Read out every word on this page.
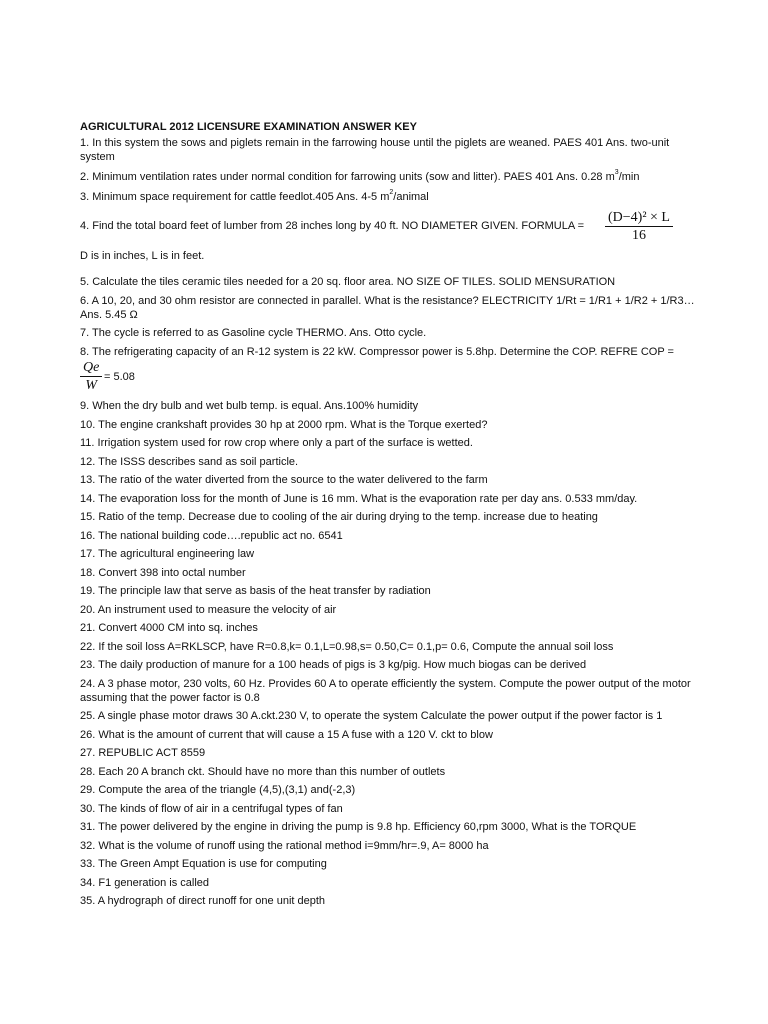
AGRICULTURAL 2012 LICENSURE EXAMINATION ANSWER KEY
1. In this system the sows and piglets remain in the farrowing house until the piglets are weaned. PAES 401 Ans. two-unit system
2. Minimum ventilation rates under normal condition for farrowing units (sow and litter). PAES 401 Ans. 0.28 $m^3/\min$
3. Minimum space requirement for cattle feedlot.405 Ans. 4-5 $m^2$/animal
4. Find the total board feet of lumber from 28 inches long by 40 ft. NO DIAMETER GIVEN. FORMULA = $\frac{\text{(D−4)² × L}}{16}$
D is in inches, L is in feet.
5. Calculate the tiles ceramic tiles needed for a 20 sq. floor area. NO SIZE OF TILES. SOLID MENSURATION
6. A 10, 20, and 30 ohm resistor are connected in parallel. What is the resistance? ELECTRICITY 1/Rt = 1/R1 + 1/R2 + 1/R3… Ans. 5.45 Ω
7. The cycle is referred to as Gasoline cycle THERMO. Ans. Otto cycle.
8. The refrigerating capacity of an R-12 system is 22 kW. Compressor power is 5.8hp. Determine the COP. REFRE COP =
$\frac{Qe}{W} = 5.08$
9. When the dry bulb and wet bulb temp. is equal. Ans.100% humidity
10. The engine crankshaft provides 30 hp at 2000 rpm. What is the Torque exerted?
11. Irrigation system used for row crop where only a part of the surface is wetted.
12. The ISSS describes sand as soil particle.
13. The ratio of the water diverted from the source to the water delivered to the farm
14. The evaporation loss for the month of June is 16 mm. What is the evaporation rate per day ans. 0.533 mm/day.
15. Ratio of the temp. Decrease due to cooling of the air during drying to the temp. increase due to heating
16. The national building code….republic act no. 6541
17. The agricultural engineering law
18. Convert 398 into octal number
19. The principle law that serve as basis of the heat transfer by radiation
20. An instrument used to measure the velocity of air
21. Convert 4000 CM into sq. inches
22. If the soil loss A=RKLSCP, have R=0.8,k= 0.1,L=0.98,s= 0.50,C= 0.1,p= 0.6, Compute the annual soil loss
23. The daily production of manure for a 100 heads of pigs is 3 kg/pig. How much biogas can be derived
24. A 3 phase motor, 230 volts, 60 Hz. Provides 60 A to operate efficiently the system. Compute the power output of the motor assuming that the power factor is 0.8
25. A single phase motor draws 30 A.ckt.230 V, to operate the system Calculate the power output if the power factor is 1
26. What is the amount of current that will cause a 15 A fuse with a 120 V. ckt to blow
27. REPUBLIC ACT 8559
28. Each 20 A branch ckt. Should have no more than this number of outlets
29. Compute the area of the triangle (4,5),(3,1) and(-2,3)
30. The kinds of flow of air in a centrifugal types of fan
31. The power delivered by the engine in driving the pump is 9.8 hp. Efficiency 60,rpm 3000, What is the TORQUE
32. What is the volume of runoff using the rational method i=9mm/hr=.9, A= 8000 ha
33. The Green Ampt Equation is use for computing
34. F1 generation is called
35. A hydrograph of direct runoff for one unit depth
